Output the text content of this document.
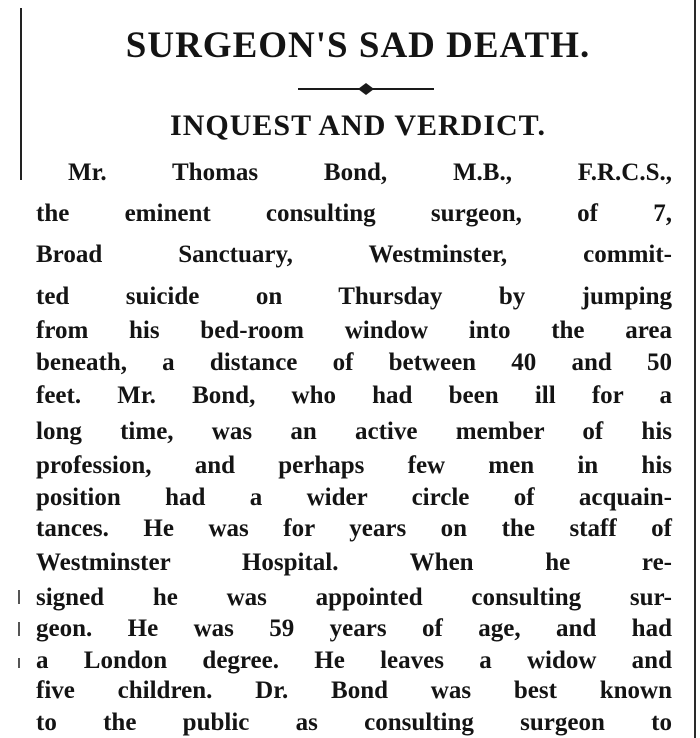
SURGEON'S SAD DEATH.
INQUEST AND VERDICT.

Mr. Thomas Bond, M.B., F.R.C.S.,

the eminent consulting surgeon, of 7,

Broad Sanctuary, Westminster, commit-

ted suicide on Thursday by jumping

from his bed-room window into the area

beneath, a distance of between 40 and 50

feet. Mr. Bond, who had been ill for a

long time, was an active member of his

profession, and perhaps few men in his

position had a wider circle of acquain-

tances. He was for years on the staff of

Westminster Hospital. When he re-

signed he was appointed consulting sur-

geon. He was 59 years of age, and had

a London degree. He leaves a widow and

five children. Dr. Bond was best known

to the public as consulting surgeon to
